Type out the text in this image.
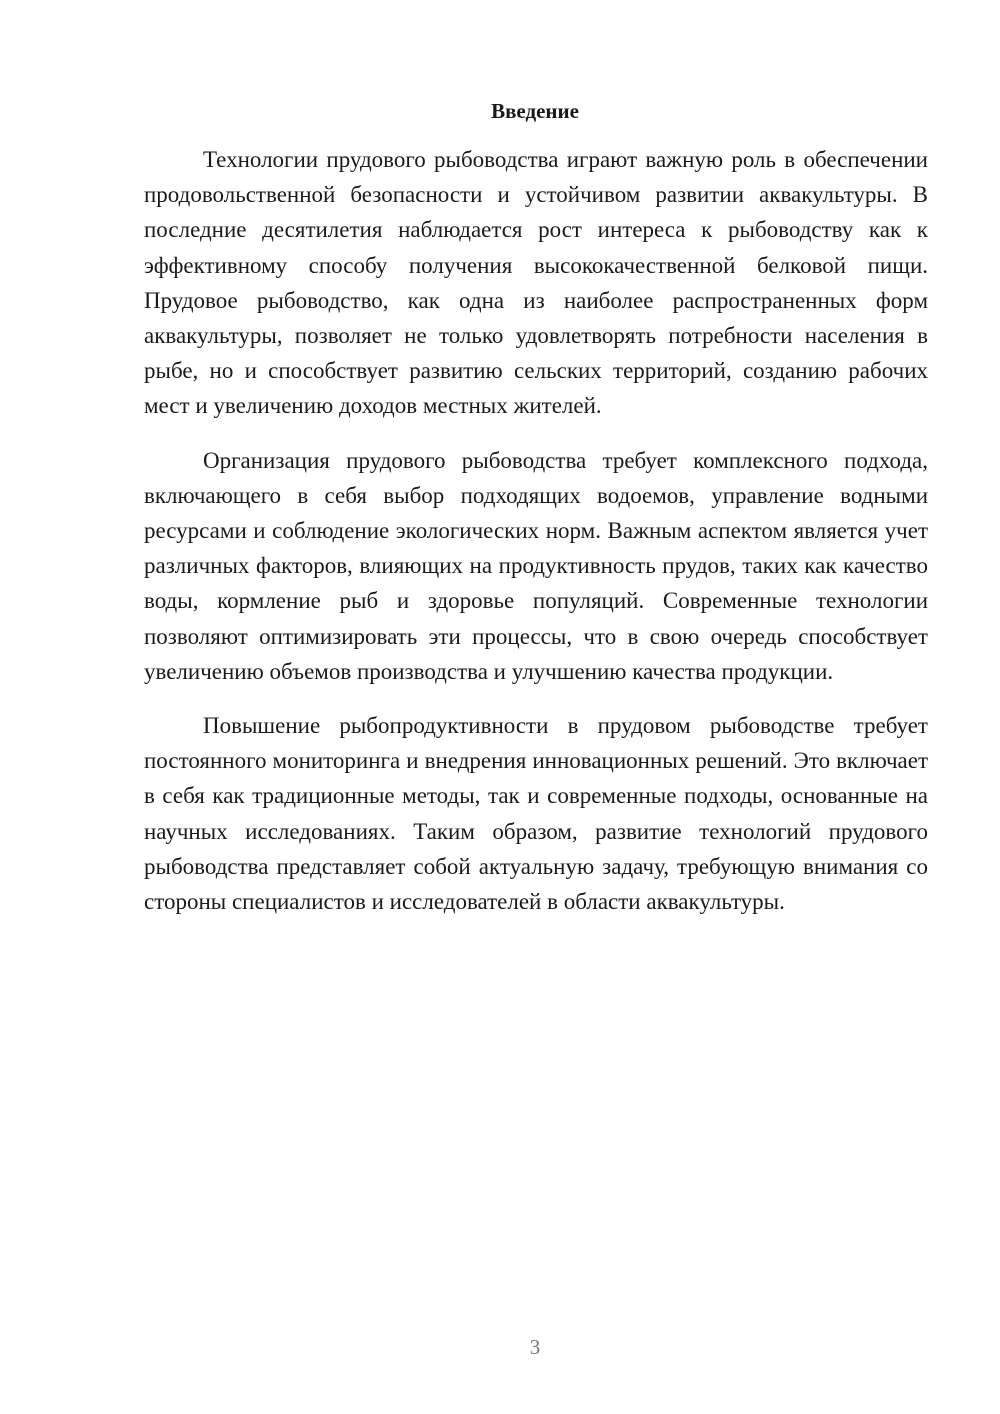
Введение

Технологии прудового рыбоводства играют важную роль в обеспечении продовольственной безопасности и устойчивом развитии аквакультуры. В последние десятилетия наблюдается рост интереса к рыбоводству как к эффективному способу получения высококачественной белковой пищи. Прудовое рыбоводство, как одна из наиболее распространенных форм аквакультуры, позволяет не только удовлетворять потребности населения в рыбе, но и способствует развитию сельских территорий, созданию рабочих мест и увеличению доходов местных жителей.

Организация прудового рыбоводства требует комплексного подхода, включающего в себя выбор подходящих водоемов, управление водными ресурсами и соблюдение экологических норм. Важным аспектом является учет различных факторов, влияющих на продуктивность прудов, таких как качество воды, кормление рыб и здоровье популяций. Современные технологии позволяют оптимизировать эти процессы, что в свою очередь способствует увеличению объемов производства и улучшению качества продукции.

Повышение рыбопродуктивности в прудовом рыбоводстве требует постоянного мониторинга и внедрения инновационных решений. Это включает в себя как традиционные методы, так и современные подходы, основанные на научных исследованиях. Таким образом, развитие технологий прудового рыбоводства представляет собой актуальную задачу, требующую внимания со стороны специалистов и исследователей в области аквакультуры.

3
